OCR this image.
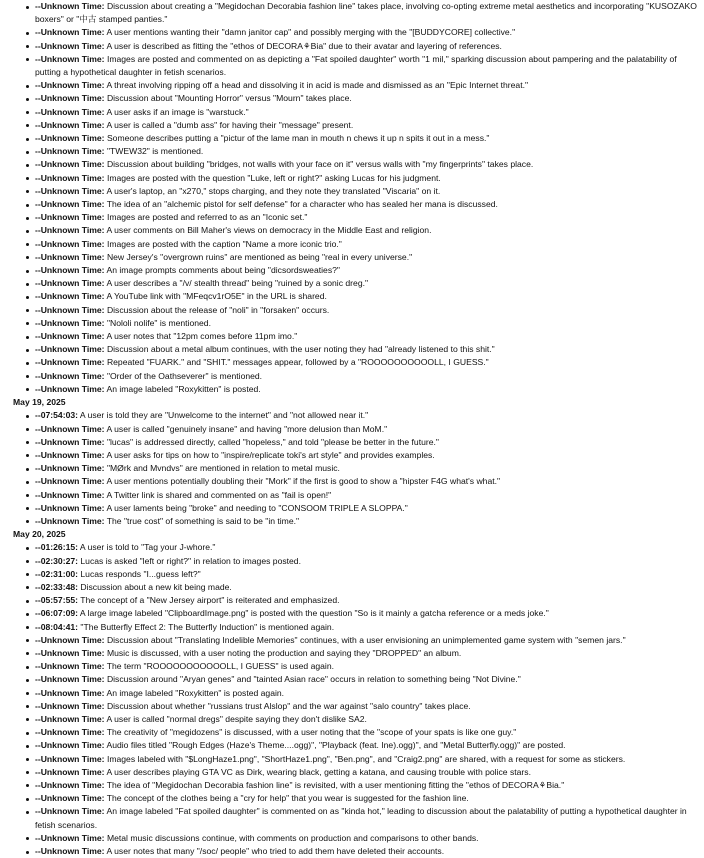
--Unknown Time: Discussion about creating a "Megidochan Decorabia fashion line" takes place, involving co-opting extreme metal aesthetics and incorporating "KUSOZAKO boxers" or "中古 stamped panties."
--Unknown Time: A user mentions wanting their "damn janitor cap" and possibly merging with the "[BUDDYCORE] collective."
--Unknown Time: A user is described as fitting the "ethos of DECORA⚘Bia" due to their avatar and layering of references.
--Unknown Time: Images are posted and commented on as depicting a "Fat spoiled daughter" worth "1 mil," sparking discussion about pampering and the palatability of putting a hypothetical daughter in fetish scenarios.
--Unknown Time: A threat involving ripping off a head and dissolving it in acid is made and dismissed as an "Epic Internet threat."
--Unknown Time: Discussion about "Mounting Horror" versus "Mourn" takes place.
--Unknown Time: A user asks if an image is "warstuck."
--Unknown Time: A user is called a "dumb ass" for having their "message" present.
--Unknown Time: Someone describes putting a "pictur of the lame man in mouth n chews it up n spits it out in a mess."
--Unknown Time: "TWEW32" is mentioned.
--Unknown Time: Discussion about building "bridges, not walls with your face on it" versus walls with "my fingerprints" takes place.
--Unknown Time: Images are posted with the question "Luke, left or right?" asking Lucas for his judgment.
--Unknown Time: A user's laptop, an "x270," stops charging, and they note they translated "Viscaria" on it.
--Unknown Time: The idea of an "alchemic pistol for self defense" for a character who has sealed her mana is discussed.
--Unknown Time: Images are posted and referred to as an "Iconic set."
--Unknown Time: A user comments on Bill Maher's views on democracy in the Middle East and religion.
--Unknown Time: Images are posted with the caption "Name a more iconic trio."
--Unknown Time: New Jersey's "overgrown ruins" are mentioned as being "real in every universe."
--Unknown Time: An image prompts comments about being "dicsordsweaties?"
--Unknown Time: A user describes a "/v/ stealth thread" being "ruined by a sonic dreg."
--Unknown Time: A YouTube link with "MFeqcv1rO5E" in the URL is shared.
--Unknown Time: Discussion about the release of "noli" in "forsaken" occurs.
--Unknown Time: "Nololi nolife" is mentioned.
--Unknown Time: A user notes that "12pm comes before 11pm imo."
--Unknown Time: Discussion about a metal album continues, with the user noting they had "already listened to this shit."
--Unknown Time: Repeated "FUARK." and "SHIT." messages appear, followed by a "ROOOOOOOOOOLL, I GUESS."
--Unknown Time: "Order of the Oathseverer" is mentioned.
--Unknown Time: An image labeled "Roxykitten" is posted.
May 19, 2025
--07:54:03: A user is told they are "Unwelcome to the internet" and "not allowed near it."
--Unknown Time: A user is called "genuinely insane" and having "more delusion than MoM."
--Unknown Time: "lucas" is addressed directly, called "hopeless," and told "please be better in the future."
--Unknown Time: A user asks for tips on how to "inspire/replicate toki's art style" and provides examples.
--Unknown Time: "MØrk and Mvndvs" are mentioned in relation to metal music.
--Unknown Time: A user mentions potentially doubling their "Mork" if the first is good to show a "hipster F4G what's what."
--Unknown Time: A Twitter link is shared and commented on as "fail is open!"
--Unknown Time: A user laments being "broke" and needing to "CONSOOM TRIPLE A SLOPPA."
--Unknown Time: The "true cost" of something is said to be "in time."
May 20, 2025
--01:26:15: A user is told to "Tag your J-whore."
--02:30:27: Lucas is asked "left or right?" in relation to images posted.
--02:31:00: Lucas responds "I...guess left?"
--02:33:48: Discussion about a new kit being made.
--05:57:55: The concept of a "New Jersey airport" is reiterated and emphasized.
--06:07:09: A large image labeled "ClipboardImage.png" is posted with the question "So is it mainly a gatcha reference or a meds joke."
--08:04:41: "The Butterfly Effect 2: The Butterfly Induction" is mentioned again.
--Unknown Time: Discussion about "Translating Indelible Memories" continues, with a user envisioning an unimplemented game system with "semen jars."
--Unknown Time: Music is discussed, with a user noting the production and saying they "DROPPED" an album.
--Unknown Time: The term "ROOOOOOOOOOOLL, I GUESS" is used again.
--Unknown Time: Discussion around "Aryan genes" and "tainted Asian race" occurs in relation to something being "Not Divine."
--Unknown Time: An image labeled "Roxykitten" is posted again.
--Unknown Time: Discussion about whether "russians trust Alslop" and the war against "salo country" takes place.
--Unknown Time: A user is called "normal dregs" despite saying they don't dislike SA2.
--Unknown Time: The creativity of "megidozens" is discussed, with a user noting that the "scope of your spats is like one guy."
--Unknown Time: Audio files titled "Rough Edges (Haze's Theme....ogg)", "Playback (feat. Ine).ogg)", and "Metal Butterfly.ogg)" are posted.
--Unknown Time: Images labeled with "$LongHaze1.png", "ShortHaze1.png", "Ben.png", and "Craig2.png" are shared, with a request for some as stickers.
--Unknown Time: A user describes playing GTA VC as Dirk, wearing black, getting a katana, and causing trouble with police stars.
--Unknown Time: The idea of "Megidochan Decorabia fashion line" is revisited, with a user mentioning fitting the "ethos of DECORA⚘Bia."
--Unknown Time: The concept of the clothes being a "cry for help" that you wear is suggested for the fashion line.
--Unknown Time: An image labeled "Fat spoiled daughter" is commented on as "kinda hot," leading to discussion about the palatability of putting a hypothetical daughter in fetish scenarios.
--Unknown Time: Metal music discussions continue, with comments on production and comparisons to other bands.
--Unknown Time: A user notes that many "/soc/ people" who tried to add them have deleted their accounts.
